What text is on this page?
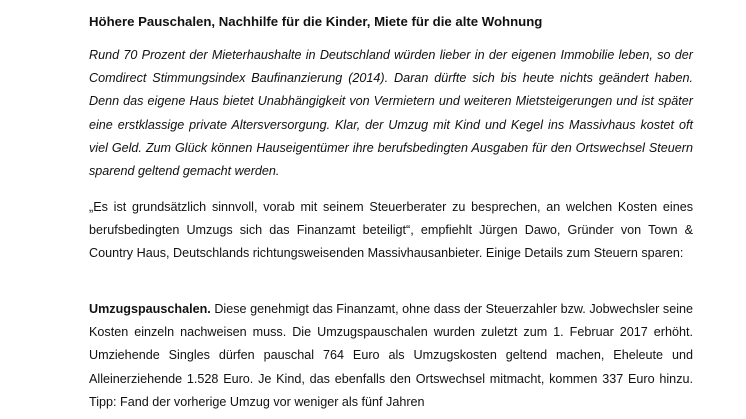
Höhere Pauschalen, Nachhilfe für die Kinder, Miete für die alte Wohnung

Rund 70 Prozent der Mieterhaushalte in Deutschland würden lieber in der eigenen Immobilie leben, so der Comdirect Stimmungsindex Baufinanzierung (2014). Daran dürfte sich bis heute nichts geändert haben. Denn das eigene Haus bietet Unabhängigkeit von Vermietern und weiteren Mietsteigerungen und ist später eine erstklassige private Altersversorgung. Klar, der Umzug mit Kind und Kegel ins Massivhaus kostet oft viel Geld. Zum Glück können Hauseigentümer ihre berufsbedingten Ausgaben für den Ortswechsel Steuern sparend geltend gemacht werden.

„Es ist grundsätzlich sinnvoll, vorab mit seinem Steuerberater zu besprechen, an welchen Kosten eines berufsbedingten Umzugs sich das Finanzamt beteiligt“, empfiehlt Jürgen Dawo, Gründer von Town & Country Haus, Deutschlands richtungsweisenden Massivhausanbieter. Einige Details zum Steuern sparen:

Umzugspauschalen. Diese genehmigt das Finanzamt, ohne dass der Steuerzahler bzw. Jobwechsler seine Kosten einzeln nachweisen muss. Die Umzugspauschalen wurden zuletzt zum 1. Februar 2017 erhöht. Umziehende Singles dürfen pauschal 764 Euro als Umzugskosten geltend machen, Eheleute und Alleinerziehende 1.528 Euro. Je Kind, das ebenfalls den Ortswechsel mitmacht, kommen 337 Euro hinzu. Tipp: Fand der vorherige Umzug vor weniger als fünf Jahren
